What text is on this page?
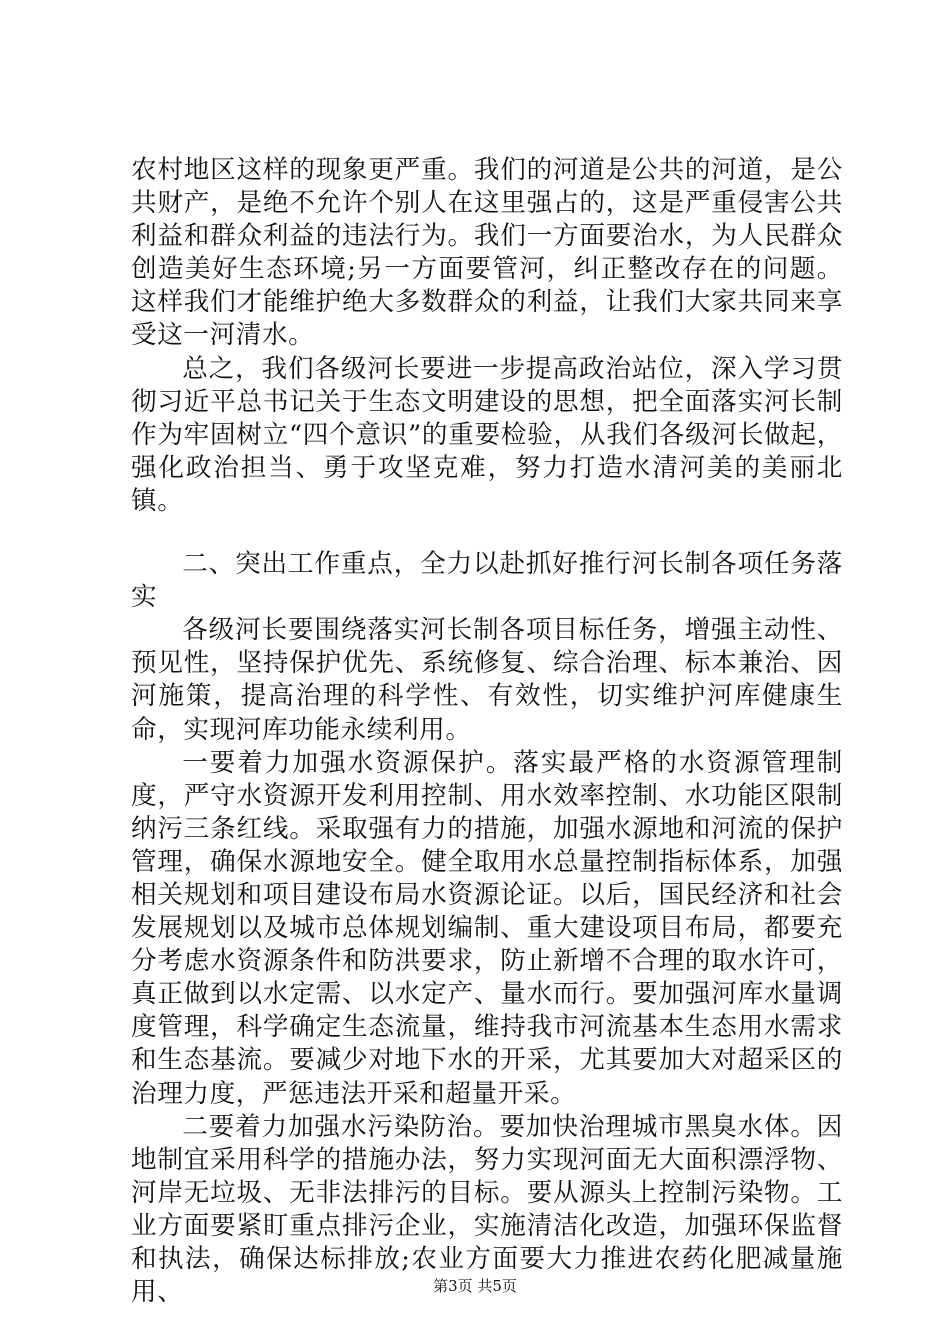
农村地区这样的现象更严重。我们的河道是公共的河道，是公共财产，是绝不允许个别人在这里强占的，这是严重侵害公共利益和群众利益的违法行为。我们一方面要治水，为人民群众创造美好生态环境;另一方面要管河，纠正整改存在的问题。这样我们才能维护绝大多数群众的利益，让我们大家共同来享受这一河清水。

总之，我们各级河长要进一步提高政治站位，深入学习贯彻习近平总书记关于生态文明建设的思想，把全面落实河长制作为牢固树立“四个意识”的重要检验，从我们各级河长做起，强化政治担当、勇于攻坚克难，努力打造水清河美的美丽北镇。

二、突出工作重点，全力以赴抓好推行河长制各项任务落实

各级河长要围绕落实河长制各项目标任务，增强主动性、预见性，坚持保护优先、系统修复、综合治理、标本兼治、因河施策，提高治理的科学性、有效性，切实维护河库健康生命，实现河库功能永续利用。

一要着力加强水资源保护。落实最严格的水资源管理制度，严守水资源开发利用控制、用水效率控制、水功能区限制纳污三条红线。采取强有力的措施，加强水源地和河流的保护管理，确保水源地安全。健全取用水总量控制指标体系，加强相关规划和项目建设布局水资源论证。以后，国民经济和社会发展规划以及城市总体规划编制、重大建设项目布局，都要充分考虑水资源条件和防洪要求，防止新增不合理的取水许可，真正做到以水定需、以水定产、量水而行。要加强河库水量调度管理，科学确定生态流量，维持我市河流基本生态用水需求和生态基流。要减少对地下水的开采，尤其要加大对超采区的治理力度，严惩违法开采和超量开采。

二要着力加强水污染防治。要加快治理城市黑臭水体。因地制宜采用科学的措施办法，努力实现河面无大面积漂浮物、河岸无垃圾、无非法排污的目标。要从源头上控制污染物。工业方面要紧盯重点排污企业，实施清洁化改造，加强环保监督和执法，确保达标排放;农业方面要大力推进农药化肥减量施用、	第3页 共5页
